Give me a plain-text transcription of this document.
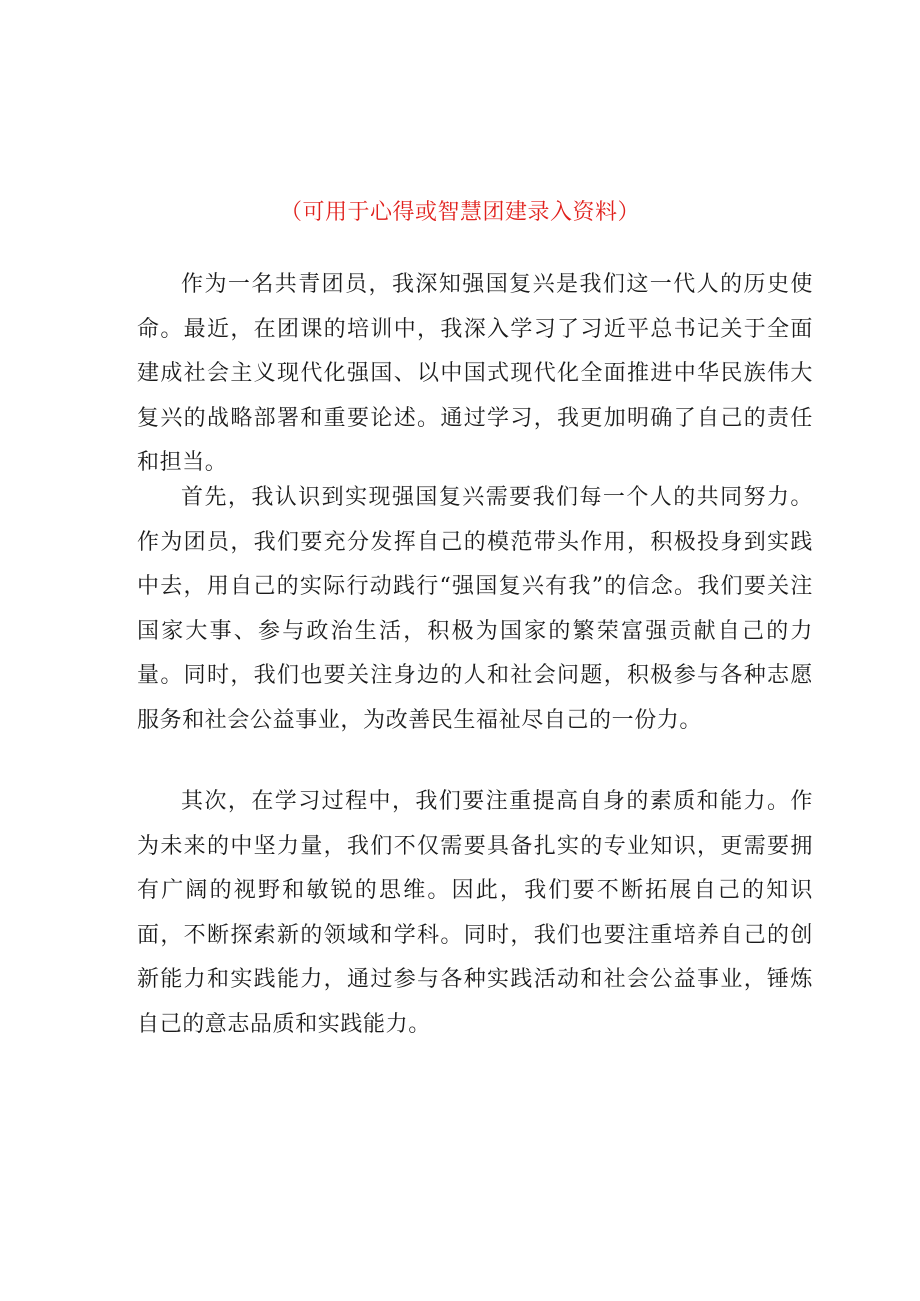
（可用于心得或智慧团建录入资料）

作为一名共青团员，我深知强国复兴是我们这一代人的历史使命。最近，在团课的培训中，我深入学习了习近平总书记关于全面建成社会主义现代化强国、以中国式现代化全面推进中华民族伟大复兴的战略部署和重要论述。通过学习，我更加明确了自己的责任和担当。

首先，我认识到实现强国复兴需要我们每一个人的共同努力。作为团员，我们要充分发挥自己的模范带头作用，积极投身到实践中去，用自己的实际行动践行“强国复兴有我”的信念。我们要关注国家大事、参与政治生活，积极为国家的繁荣富强贡献自己的力量。同时，我们也要关注身边的人和社会问题，积极参与各种志愿服务和社会公益事业，为改善民生福祉尽自己的一份力。

其次，在学习过程中，我们要注重提高自身的素质和能力。作为未来的中坚力量，我们不仅需要具备扎实的专业知识，更需要拥有广阔的视野和敏锐的思维。因此，我们要不断拓展自己的知识面，不断探索新的领域和学科。同时，我们也要注重培养自己的创新能力和实践能力，通过参与各种实践活动和社会公益事业，锤炼自己的意志品质和实践能力。
